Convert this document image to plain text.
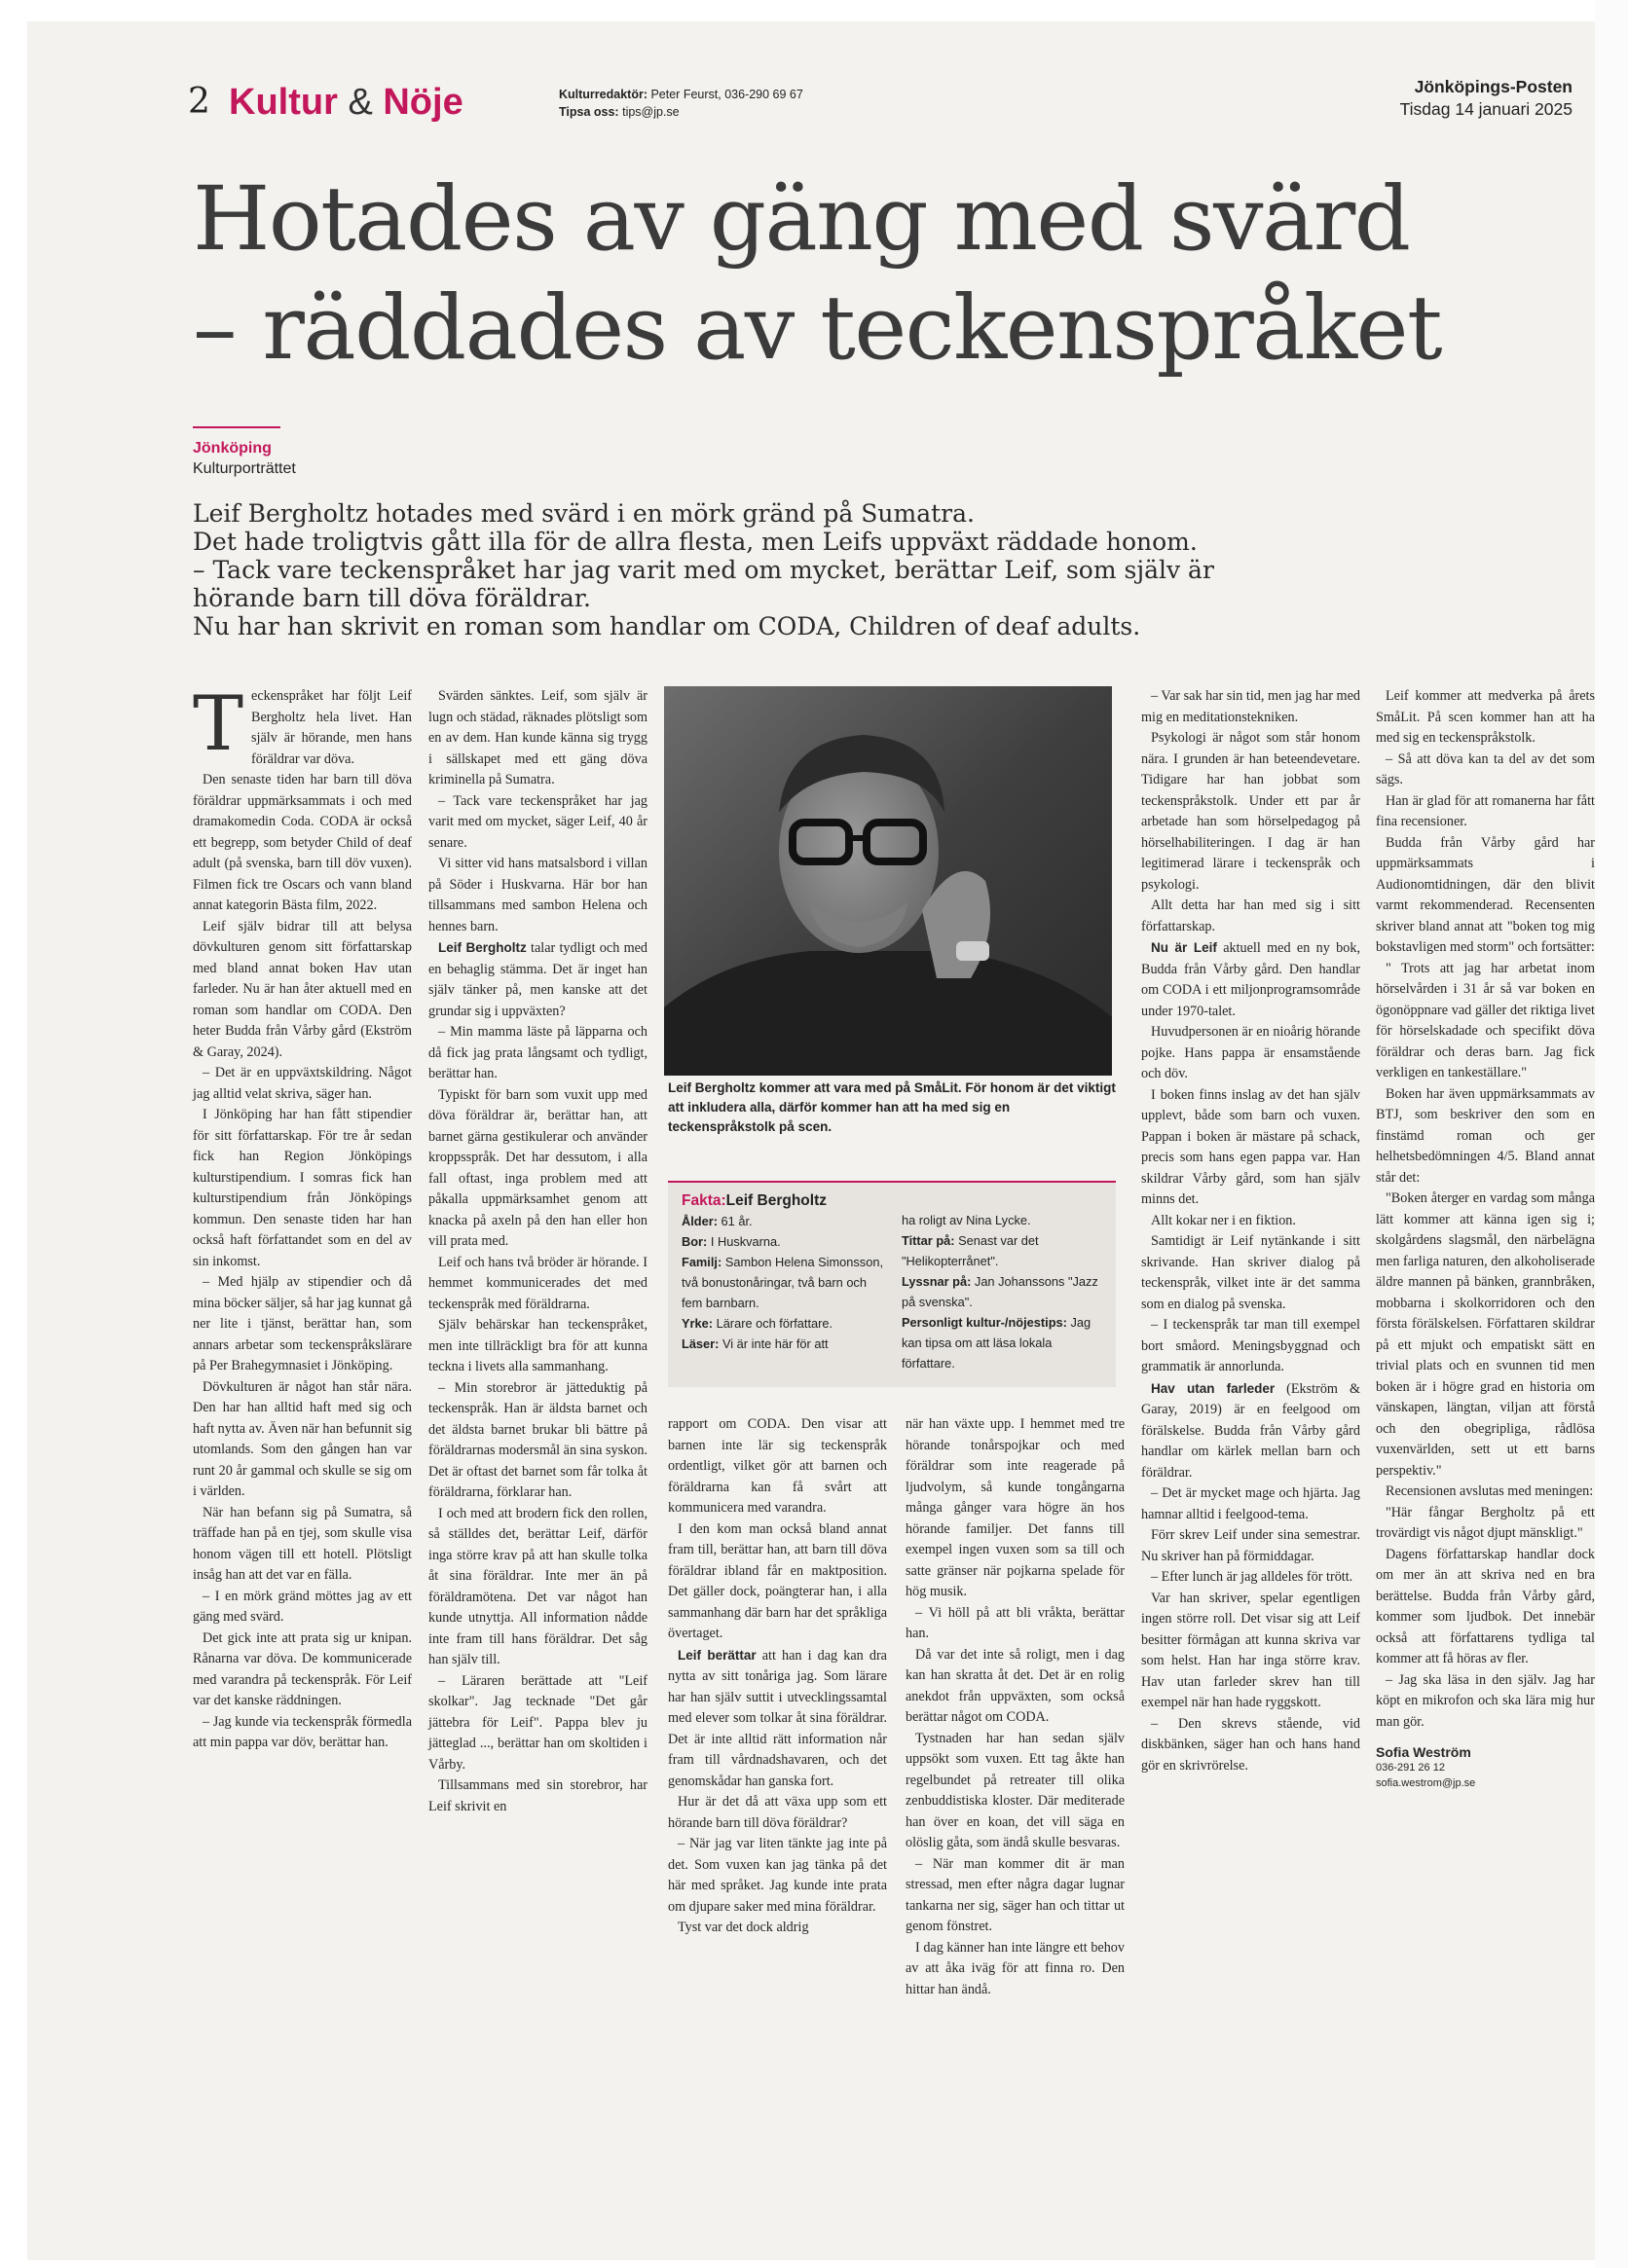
2 Kultur & Nöje	Kulturredaktör: Peter Feurst, 036-290 69 67
Tipsa oss: tips@jp.se
Jönköpings-Posten
Tisdag 14 januari 2025
Hotades av gäng med svärd
– räddades av teckenspråket
Jönköping
Kulturporträttet

Leif Bergholtz hotades med svärd i en mörk gränd på Sumatra.

Det hade troligtvis gått illa för de allra flesta, men Leifs uppväxt räddade honom.

– Tack vare teckenspråket har jag varit med om mycket, berättar Leif, som själv är

hörande barn till döva föräldrar.

Nu har han skrivit en roman som handlar om CODA, Children of deaf adults.

Teckenspråket har följt Leif Bergholtz hela livet. Han själv är hörande, men hans föräldrar var döva.

Den senaste tiden har barn till döva föräldrar uppmärksammats i och med dramakomedin Coda. CODA är också ett begrepp, som betyder Child of deaf adult (på svenska, barn till döv vuxen). Filmen fick tre Oscars och vann bland annat kategorin Bästa film, 2022.

Leif själv bidrar till att belysa dövkulturen genom sitt författarskap med bland annat boken Hav utan farleder. Nu är han åter aktuell med en roman som handlar om CODA. Den heter Budda från Vårby gård (Ekström & Garay, 2024).

– Det är en uppväxtskildring. Något jag alltid velat skriva, säger han.

I Jönköping har han fått stipendier för sitt författarskap. För tre år sedan fick han Region Jönköpings kulturstipendium. I somras fick han kulturstipendium från Jönköpings kommun. Den senaste tiden har han också haft författandet som en del av sin inkomst.

– Med hjälp av stipendier och då mina böcker säljer, så har jag kunnat gå ner lite i tjänst, berättar han, som annars arbetar som teckenspråkslärare på Per Brahegymnasiet i Jönköping.

Dövkulturen är något han står nära. Den har han alltid haft med sig och haft nytta av. Även när han befunnit sig utomlands. Som den gången han var runt 20 år gammal och skulle se sig om i världen.

När han befann sig på Sumatra, så träffade han på en tjej, som skulle visa honom vägen till ett hotell. Plötsligt insåg han att det var en fälla.

– I en mörk gränd möttes jag av ett gäng med svärd.

Det gick inte att prata sig ur knipan. Rånarna var döva. De kommunicerade med varandra på teckenspråk. För Leif var det kanske räddningen.

– Jag kunde via teckenspråk förmedla att min pappa var döv, berättar han.

Svärden sänktes. Leif, som själv är lugn och städad, räknades plötsligt som en av dem. Han kunde känna sig trygg i sällskapet med ett gäng döva kriminella på Sumatra.

– Tack vare teckenspråket har jag varit med om mycket, säger Leif, 40 år senare.

Vi sitter vid hans matsalsbord i villan på Söder i Huskvarna. Här bor han tillsammans med sambon Helena och hennes barn.

Leif Bergholtz talar tydligt och med en behaglig stämma. Det är inget han själv tänker på, men kanske att det grundar sig i uppväxten?

– Min mamma läste på läpparna och då fick jag prata långsamt och tydligt, berättar han.

Typiskt för barn som vuxit upp med döva föräldrar är, berättar han, att barnet gärna gestikulerar och använder kroppsspråk. Det har dessutom, i alla fall oftast, inga problem med att påkalla uppmärksamhet genom att knacka på axeln på den han eller hon vill prata med.

Leif och hans två bröder är hörande. I hemmet kommunicerades det med teckenspråk med föräldrarna.

Själv behärskar han teckenspråket, men inte tillräckligt bra för att kunna teckna i livets alla sammanhang.

– Min storebror är jätteduktig på teckenspråk. Han är äldsta barnet och det äldsta barnet brukar bli bättre på föräldrarnas modersmål än sina syskon. Det är oftast det barnet som får tolka åt föräldrarna, förklarar han.

I och med att brodern fick den rollen, så ställdes det, berättar Leif, därför inga större krav på att han skulle tolka åt sina föräldrar. Inte mer än på föräldramötena. Det var något han kunde utnyttja. All information nådde inte fram till hans föräldrar. Det såg han själv till.

– Läraren berättade att "Leif skolkar". Jag tecknade "Det går jättebra för Leif". Pappa blev ju jätteglad ..., berättar han om skoltiden i Vårby.

Tillsammans med sin storebror, har Leif skrivit en

Leif Bergholtz kommer att vara med på SmåLit. För honom är det viktigt att inkludera alla, därför kommer han att ha med sig en teckenspråkstolk på scen.

Fakta:Leif Bergholtz

Ålder: 61 år.

Bor: I Huskvarna.

Familj: Sambon Helena Simonsson, två bonustonåringar, två barn och fem barnbarn.

Yrke: Lärare och författare.

Läser: Vi är inte här för att

ha roligt av Nina Lycke.

Tittar på: Senast var det "Helikopterrånet".

Lyssnar på: Jan Johanssons "Jazz på svenska".

Personligt kultur-/nöjestips: Jag kan tipsa om att läsa lokala författare.

rapport om CODA. Den visar att barnen inte lär sig teckenspråk ordentligt, vilket gör att barnen och föräldrarna kan få svårt att kommunicera med varandra.

I den kom man också bland annat fram till, berättar han, att barn till döva föräldrar ibland får en maktposition. Det gäller dock, poängterar han, i alla sammanhang där barn har det språkliga övertaget.

Leif berättar att han i dag kan dra nytta av sitt tonåriga jag. Som lärare har han själv suttit i utvecklingssamtal med elever som tolkar åt sina föräldrar. Det är inte alltid rätt information når fram till vårdnadshavaren, och det genomskådar han ganska fort.

Hur är det då att växa upp som ett hörande barn till döva föräldrar?

– När jag var liten tänkte jag inte på det. Som vuxen kan jag tänka på det här med språket. Jag kunde inte prata om djupare saker med mina föräldrar.

Tyst var det dock aldrig

när han växte upp. I hemmet med tre hörande tonårspojkar och med föräldrar som inte reagerade på ljudvolym, så kunde tongångarna många gånger vara högre än hos hörande familjer. Det fanns till exempel ingen vuxen som sa till och satte gränser när pojkarna spelade för hög musik.

– Vi höll på att bli vråkta, berättar han.

Då var det inte så roligt, men i dag kan han skratta åt det. Det är en rolig anekdot från uppväxten, som också berättar något om CODA.

Tystnaden har han sedan själv uppsökt som vuxen. Ett tag åkte han regelbundet på retreater till olika zenbuddistiska kloster. Där mediterade han över en koan, det vill säga en olöslig gåta, som ändå skulle besvaras.

– När man kommer dit är man stressad, men efter några dagar lugnar tankarna ner sig, säger han och tittar ut genom fönstret.

I dag känner han inte längre ett behov av att åka iväg för att finna ro. Den hittar han ändå.

– Var sak har sin tid, men jag har med mig en meditationstekniken.

Psykologi är något som står honom nära. I grunden är han beteendevetare. Tidigare har han jobbat som teckenspråkstolk. Under ett par år arbetade han som hörselpedagog på hörselhabiliteringen. I dag är han legitimerad lärare i teckenspråk och psykologi.

Allt detta har han med sig i sitt författarskap.

Nu är Leif aktuell med en ny bok, Budda från Vårby gård. Den handlar om CODA i ett miljonprogramsområde under 1970-talet.

Huvudpersonen är en nioårig hörande pojke. Hans pappa är ensamstående och döv.

I boken finns inslag av det han själv upplevt, både som barn och vuxen. Pappan i boken är mästare på schack, precis som hans egen pappa var. Han skildrar Vårby gård, som han själv minns det.

Allt kokar ner i en fiktion.

Samtidigt är Leif nytänkande i sitt skrivande. Han skriver dialog på teckenspråk, vilket inte är det samma som en dialog på svenska.

– I teckenspråk tar man till exempel bort småord. Meningsbyggnad och grammatik är annorlunda.

Hav utan farleder (Ekström & Garay, 2019) är en feelgood om förälskelse. Budda från Vårby gård handlar om kärlek mellan barn och föräldrar.

– Det är mycket mage och hjärta. Jag hamnar alltid i feelgood-tema.

Förr skrev Leif under sina semestrar. Nu skriver han på förmiddagar.

– Efter lunch är jag alldeles för trött.

Var han skriver, spelar egentligen ingen större roll. Det visar sig att Leif besitter förmågan att kunna skriva var som helst. Han har inga större krav. Hav utan farleder skrev han till exempel när han hade ryggskott.

– Den skrevs stående, vid diskbänken, säger han och hans hand gör en skrivrörelse.

Leif kommer att medverka på årets SmåLit. På scen kommer han att ha med sig en teckenspråkstolk.

– Så att döva kan ta del av det som sägs.

Han är glad för att romanerna har fått fina recensioner.

Budda från Vårby gård har uppmärksammats i Audionomtidningen, där den blivit varmt rekommenderad. Recensenten skriver bland annat att "boken tog mig bokstavligen med storm" och fortsätter:

" Trots att jag har arbetat inom hörselvården i 31 år så var boken en ögonöppnare vad gäller det riktiga livet för hörselskadade och specifikt döva föräldrar och deras barn. Jag fick verkligen en tankeställare."

Boken har även uppmärksammats av BTJ, som beskriver den som en finstämd roman och ger helhetsbedömningen 4/5. Bland annat står det:

"Boken återger en vardag som många lätt kommer att känna igen sig i; skolgårdens slagsmål, den närbelägna men farliga naturen, den alkoholiserade äldre mannen på bänken, grannbråken, mobbarna i skolkorridoren och den första förälskelsen. Författaren skildrar på ett mjukt och empatiskt sätt en trivial plats och en svunnen tid men boken är i högre grad en historia om vänskapen, längtan, viljan att förstå och den obegripliga, rådlösa vuxenvärlden, sett ut ett barns perspektiv."

Recensionen avslutas med meningen:

"Här fångar Bergholtz på ett trovärdigt vis något djupt mänskligt."

Dagens författarskap handlar dock om mer än att skriva ned en bra berättelse. Budda från Vårby gård, kommer som ljudbok. Det innebär också att författarens tydliga tal kommer att få höras av fler.

– Jag ska läsa in den själv. Jag har köpt en mikrofon och ska lära mig hur man gör.

Sofia Weström
036-291 26 12
sofia.westrom@jp.se
